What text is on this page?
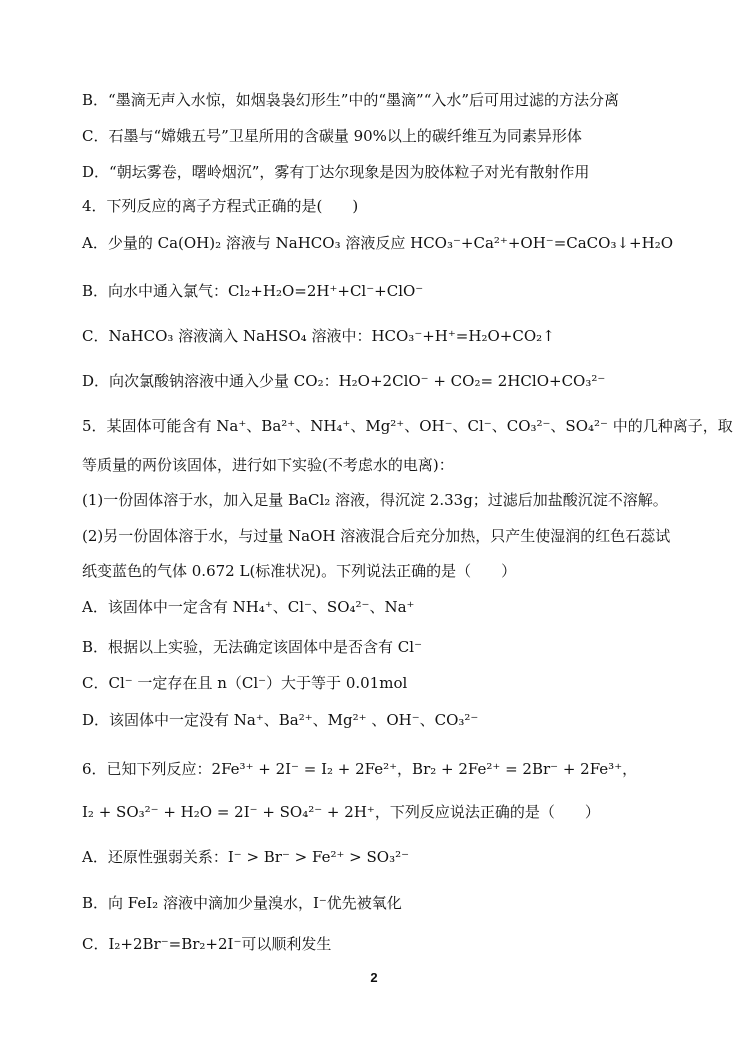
B．“墨滴无声入水惊，如烟袅袅幻形生”中的“墨滴”“入水”后可用过滤的方法分离
C．石墨与“嫦娥五号”卫星所用的含碳量 90%以上的碳纤维互为同素异形体
D．“朝坛雾卷，曙岭烟沉”，雾有丁达尔现象是因为胶体粒子对光有散射作用
4．下列反应的离子方程式正确的是(　　)
A．少量的 Ca(OH)₂ 溶液与 NaHCO₃ 溶液反应 HCO₃⁻+Ca²⁺+OH⁻=CaCO₃↓+H₂O
B．向水中通入氯气：Cl₂+H₂O=2H⁺+Cl⁻+ClO⁻
C．NaHCO₃ 溶液滴入 NaHSO₄ 溶液中：HCO₃⁻+H⁺=H₂O+CO₂↑
D．向次氯酸钠溶液中通入少量 CO₂：H₂O+2ClO⁻ + CO₂= 2HClO+CO₃²⁻
5．某固体可能含有 Na⁺、Ba²⁺、NH₄⁺、Mg²⁺、OH⁻、Cl⁻、CO₃²⁻、SO₄²⁻ 中的几种离子，取
等质量的两份该固体，进行如下实验(不考虑水的电离)：
(1)一份固体溶于水，加入足量 BaCl₂ 溶液，得沉淀 2.33g；过滤后加盐酸沉淀不溶解。
(2)另一份固体溶于水，与过量 NaOH 溶液混合后充分加热，只产生使湿润的红色石蕊试
纸变蓝色的气体 0.672 L(标准状况)。下列说法正确的是（　　）
A．该固体中一定含有 NH₄⁺、Cl⁻、SO₄²⁻、Na⁺
B．根据以上实验，无法确定该固体中是否含有 Cl⁻
C．Cl⁻ 一定存在且 n（Cl⁻）大于等于 0.01mol
D．该固体中一定没有 Na⁺、Ba²⁺、Mg²⁺ 、OH⁻、CO₃²⁻
6．已知下列反应：2Fe³⁺ + 2I⁻ = I₂ + 2Fe²⁺，Br₂ + 2Fe²⁺ = 2Br⁻ + 2Fe³⁺，
I₂ + SO₃²⁻ + H₂O = 2I⁻ + SO₄²⁻ + 2H⁺，下列反应说法正确的是（　　）
A．还原性强弱关系：I⁻ > Br⁻ > Fe²⁺ > SO₃²⁻
B．向 FeI₂ 溶液中滴加少量溴水，I⁻优先被氧化
C．I₂+2Br⁻=Br₂+2I⁻可以顺利发生
2
